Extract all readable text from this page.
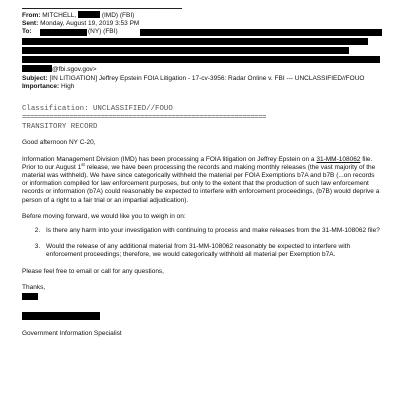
From: MITCHELL,	(IMD) (FBI)
Sent: Monday, August 19, 2019 3:53 PM
To:	(NY) (FBI)
@fbi.sgov.gov>
Subject: [IN LITIGATION] Jeffrey Epstein FOIA Litigation - 17-cv-3956: Radar Online v. FBI --- UNCLASSIFIED//FOUO
Importance: High
Classification: UNCLASSIFIED//FOUO
==============================================================
TRANSITORY RECORD

Good afternoon NY C-20,

Information Management Division (IMD) has been processing a FOIA litigation on Jeffrey Epstein on a 31-MM-108062 file. Prior to our August 1st release, we have been processing the records and making monthly releases (the vast majority of the material was withheld). We have since categorically withheld the material per FOIA Exemptions b7A and b7B (...on records or information compiled for law enforcement purposes, but only to the extent that the production of such law enforcement records or information (b7A) could reasonably be expected to interfere with enforcement proceedings, (b7B) would deprive a person of a right to a fair trial or an impartial adjudication).

Before moving forward, we would like you to weigh in on:

2. Is there any harm into your investigation with continuing to process and make releases from the 31-MM-108062 file?
3. Would the release of any additional material from 31-MM-108062 reasonably be expected to interfere with enforcement proceedings; therefore, we would categorically withhold all material per Exemption b7A.

Please feel free to email or call for any questions,

Thanks,

Government Information Specialist
